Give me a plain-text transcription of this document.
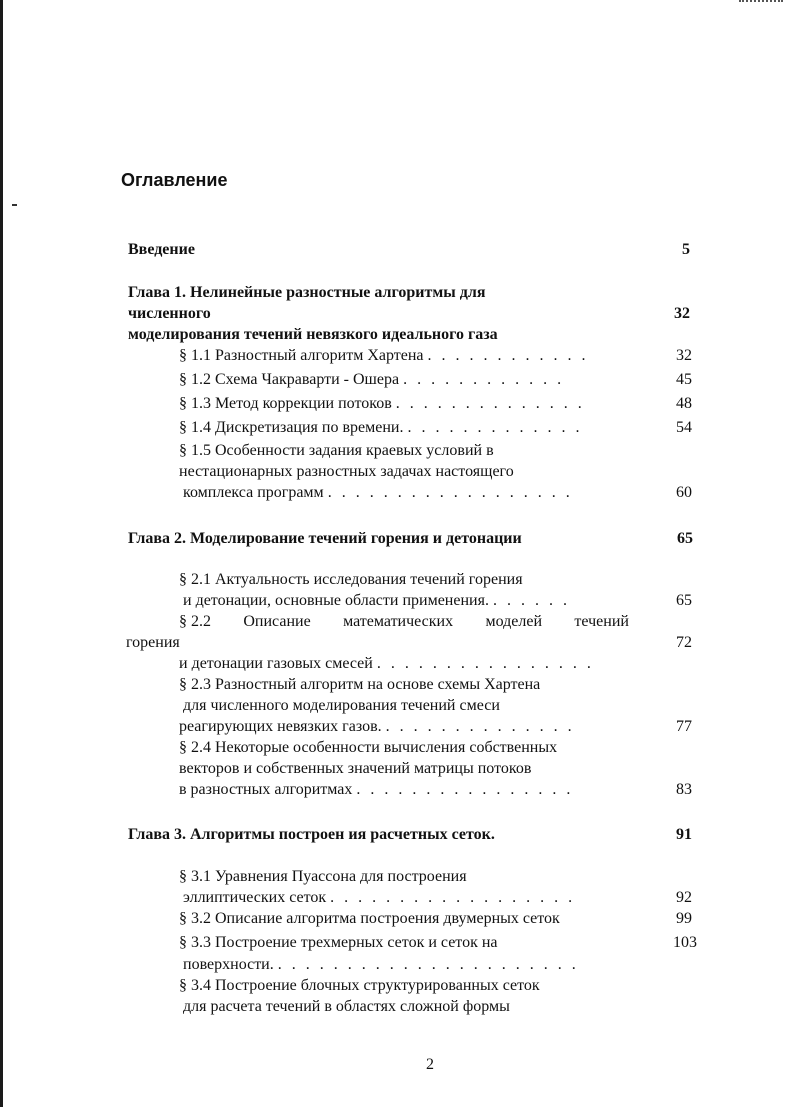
Оглавление
Введение	5
Глава 1. Нелинейные разностные алгоритмы для
численного	32
моделирования течений невязкого идеального газа
§ 1.1 Разностный алгоритм Хартена . . . . . . . . . . . .	32
§ 1.2 Схема Чакраварти - Ошера . . . . . . . . . . . .	45
§ 1.3 Метод коррекции потоков . . . . . . . . . . . . . .	48
§ 1.4 Дискретизация по времени. . . . . . . . . . . . . .	54
§ 1.5 Особенности задания краевых условий в
нестационарных разностных задачах настоящего
комплекса программ . . . . . . . . . . . . . . . . . .	60
Глава 2. Моделирование течений горения и детонации	65
§ 2.1 Актуальность исследования течений горения
и детонации, основные области применения. . . . . . .	65
§ 2.2 Описание математических моделей течений
горения	72
и детонации газовых смесей . . . . . . . . . . . . . . . .
§ 2.3 Разностный алгоритм на основе схемы Хартена
для численного моделирования течений смеси
реагирующих невязких газов. . . . . . . . . . . . . . .	77
§ 2.4 Некоторые особенности вычисления собственных
векторов и собственных значений матрицы потоков
в разностных алгоритмах . . . . . . . . . . . . . . . .	83
Глава 3. Алгоритмы построен ия расчетных сеток.	91
§ 3.1 Уравнения Пуассона для построения
эллиптических сеток . . . . . . . . . . . . . . . . . .	92
§ 3.2 Описание алгоритма построения двумерных сеток	99
§ 3.3 Построение трехмерных сеток и сеток на	103
поверхности. . . . . . . . . . . . . . . . . . . . . . .
§ 3.4 Построение блочных структурированных сеток
для расчета течений в областях сложной формы
2
